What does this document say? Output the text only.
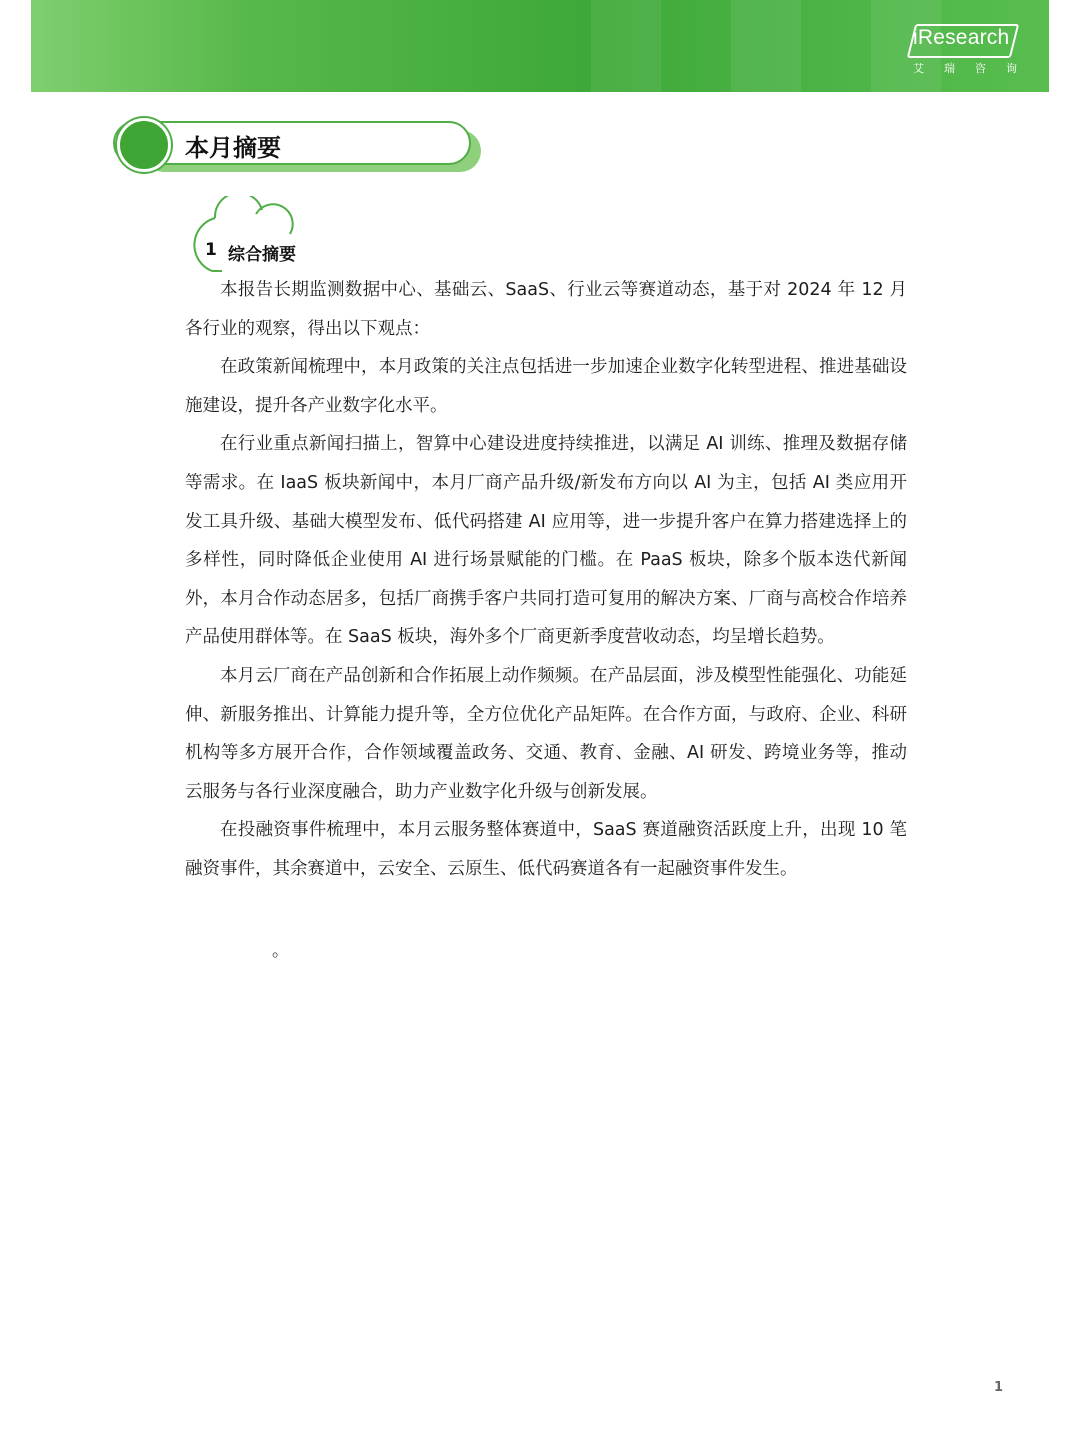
iResearch
艾 瑞 咨 询
本月摘要
1 综合摘要

本报告长期监测数据中心、基础云、SaaS、行业云等赛道动态，基于对 2024 年 12 月各行业的观察，得出以下观点：

在政策新闻梳理中，本月政策的关注点包括进一步加速企业数字化转型进程、推进基础设施建设，提升各产业数字化水平。

在行业重点新闻扫描上，智算中心建设进度持续推进，以满足 AI 训练、推理及数据存储等需求。在 IaaS 板块新闻中，本月厂商产品升级/新发布方向以 AI 为主，包括 AI 类应用开发工具升级、基础大模型发布、低代码搭建 AI 应用等，进一步提升客户在算力搭建选择上的多样性，同时降低企业使用 AI 进行场景赋能的门槛。在 PaaS 板块，除多个版本迭代新闻外，本月合作动态居多，包括厂商携手客户共同打造可复用的解决方案、厂商与高校合作培养产品使用群体等。在 SaaS 板块，海外多个厂商更新季度营收动态，均呈增长趋势。

本月云厂商在产品创新和合作拓展上动作频频。在产品层面，涉及模型性能强化、功能延伸、新服务推出、计算能力提升等，全方位优化产品矩阵。在合作方面，与政府、企业、科研机构等多方展开合作，合作领域覆盖政务、交通、教育、金融、AI 研发、跨境业务等，推动云服务与各行业深度融合，助力产业数字化升级与创新发展。

在投融资事件梳理中，本月云服务整体赛道中，SaaS 赛道融资活跃度上升，出现 10 笔融资事件，其余赛道中，云安全、云原生、低代码赛道各有一起融资事件发生。

。
1
